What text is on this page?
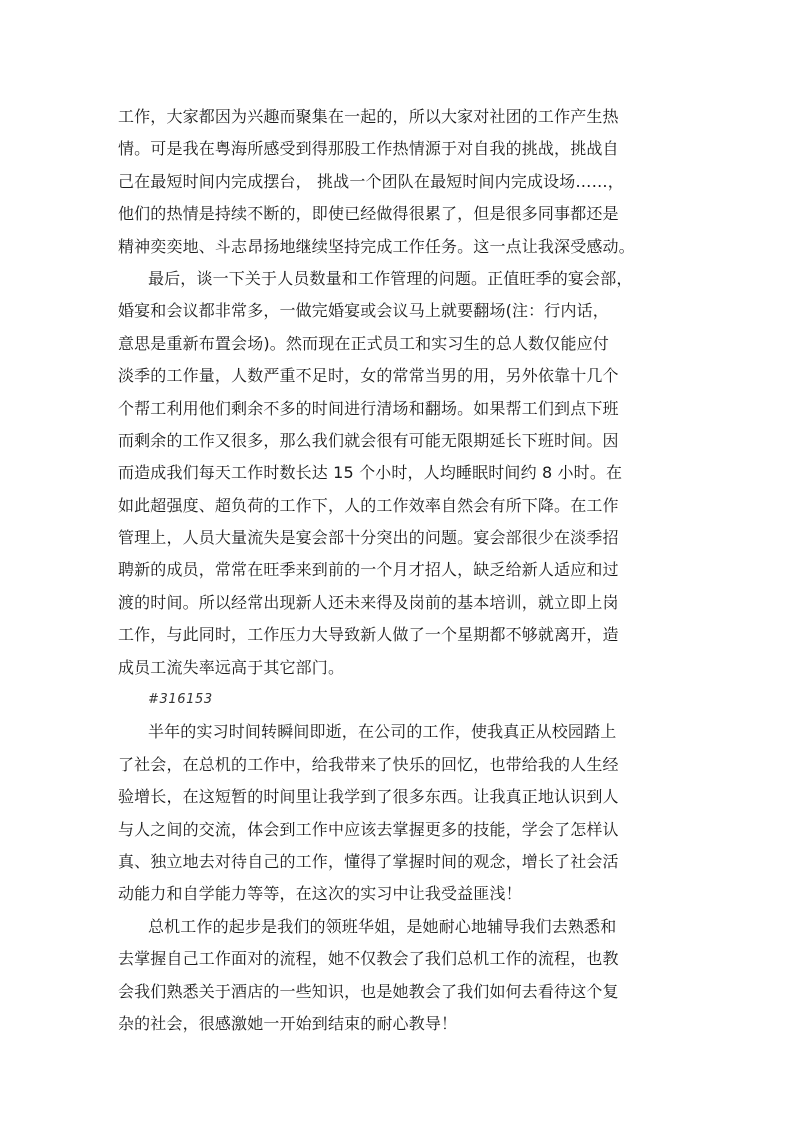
工作，大家都因为兴趣而聚集在一起的，所以大家对社团的工作产生热
情。可是我在粤海所感受到得那股工作热情源于对自我的挑战，挑战自
己在最短时间内完成摆台， 挑战一个团队在最短时间内完成设场……，
他们的热情是持续不断的，即使已经做得很累了，但是很多同事都还是
精神奕奕地、斗志昂扬地继续坚持完成工作任务。这一点让我深受感动。
最后，谈一下关于人员数量和工作管理的问题。正值旺季的宴会部，
婚宴和会议都非常多，一做完婚宴或会议马上就要翻场(注：行内话，
意思是重新布置会场)。然而现在正式员工和实习生的总人数仅能应付
淡季的工作量，人数严重不足时，女的常常当男的用，另外依靠十几个
个帮工利用他们剩余不多的时间进行清场和翻场。如果帮工们到点下班
而剩余的工作又很多，那么我们就会很有可能无限期延长下班时间。因
而造成我们每天工作时数长达 15 个小时，人均睡眠时间约 8 小时。在
如此超强度、超负荷的工作下，人的工作效率自然会有所下降。在工作
管理上，人员大量流失是宴会部十分突出的问题。宴会部很少在淡季招
聘新的成员，常常在旺季来到前的一个月才招人，缺乏给新人适应和过
渡的时间。所以经常出现新人还未来得及岗前的基本培训，就立即上岗
工作，与此同时，工作压力大导致新人做了一个星期都不够就离开，造
成员工流失率远高于其它部门。
#316153
半年的实习时间转瞬间即逝，在公司的工作，使我真正从校园踏上
了社会，在总机的工作中，给我带来了快乐的回忆，也带给我的人生经
验增长，在这短暂的时间里让我学到了很多东西。让我真正地认识到人
与人之间的交流，体会到工作中应该去掌握更多的技能，学会了怎样认
真、独立地去对待自己的工作，懂得了掌握时间的观念，增长了社会活
动能力和自学能力等等，在这次的实习中让我受益匪浅！
总机工作的起步是我们的领班华姐，是她耐心地辅导我们去熟悉和
去掌握自己工作面对的流程，她不仅教会了我们总机工作的流程，也教
会我们熟悉关于酒店的一些知识，也是她教会了我们如何去看待这个复
杂的社会，很感激她一开始到结束的耐心教导！
